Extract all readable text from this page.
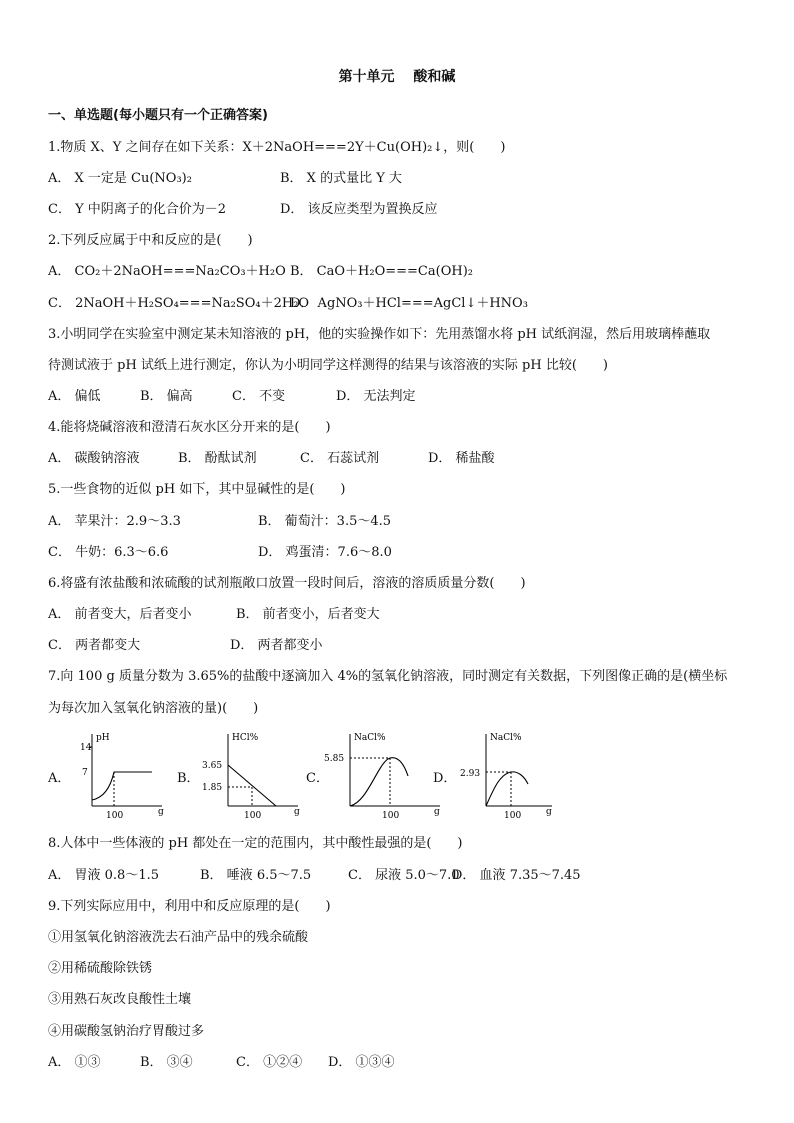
第十单元　 酸和碱
一、单选题(每小题只有一个正确答案)
1.物质 X、Y 之间存在如下关系：X＋2NaOH===2Y＋Cu(OH)₂↓，则(　　)
A． X 一定是 Cu(NO₃)₂	B． X 的式量比 Y 大
C． Y 中阴离子的化合价为－2	D． 该反应类型为置换反应
2.下列反应属于中和反应的是(　　)
A． CO₂＋2NaOH===Na₂CO₃＋H₂O B． CaO＋H₂O===Ca(OH)₂
C． 2NaOH＋H₂SO₄===Na₂SO₄＋2H₂OD． AgNO₃＋HCl===AgCl↓＋HNO₃
3.小明同学在实验室中测定某未知溶液的 pH，他的实验操作如下：先用蒸馏水将 pH 试纸润湿，然后用玻璃棒蘸取
待测试液于 pH 试纸上进行测定，你认为小明同学这样测得的结果与该溶液的实际 pH 比较(　　)
A． 偏低	B． 偏高	C． 不变	D． 无法判定
4.能将烧碱溶液和澄清石灰水区分开来的是(　　)
A． 碳酸钠溶液	B． 酚酞试剂	C． 石蕊试剂	D． 稀盐酸
5.一些食物的近似 pH 如下，其中显碱性的是(　　)
A． 苹果汁：2.9～3.3	B． 葡萄汁：3.5～4.5
C． 牛奶：6.3～6.6	D． 鸡蛋清：7.6～8.0
6.将盛有浓盐酸和浓硫酸的试剂瓶敞口放置一段时间后，溶液的溶质质量分数(　　)
A． 前者变大，后者变小	B． 前者变小，后者变大
C． 两者都变大	D． 两者都变小
7.向 100 g 质量分数为 3.65%的盐酸中逐滴加入 4%的氢氧化钠溶液，同时测定有关数据，下列图像正确的是(横坐标
为每次加入氢氧化钠溶液的量)(　　)
A．	B．	C．	D．
pH
14
7
100	g
HCl%
3.65
1.85
100	g
NaCl%
5.85
100	g
NaCl%
2.93
100	g
8.人体中一些体液的 pH 都处在一定的范围内，其中酸性最强的是(　　)
A． 胃液 0.8～1.5	B． 唾液 6.5～7.5	C． 尿液 5.0～7.0D． 血液 7.35～7.45
9.下列实际应用中，利用中和反应原理的是(　　)
①用氢氧化钠溶液洗去石油产品中的残余硫酸
②用稀硫酸除铁锈
③用熟石灰改良酸性土壤
④用碳酸氢钠治疗胃酸过多
A． ①③	B． ③④	C． ①②④ D． ①③④
